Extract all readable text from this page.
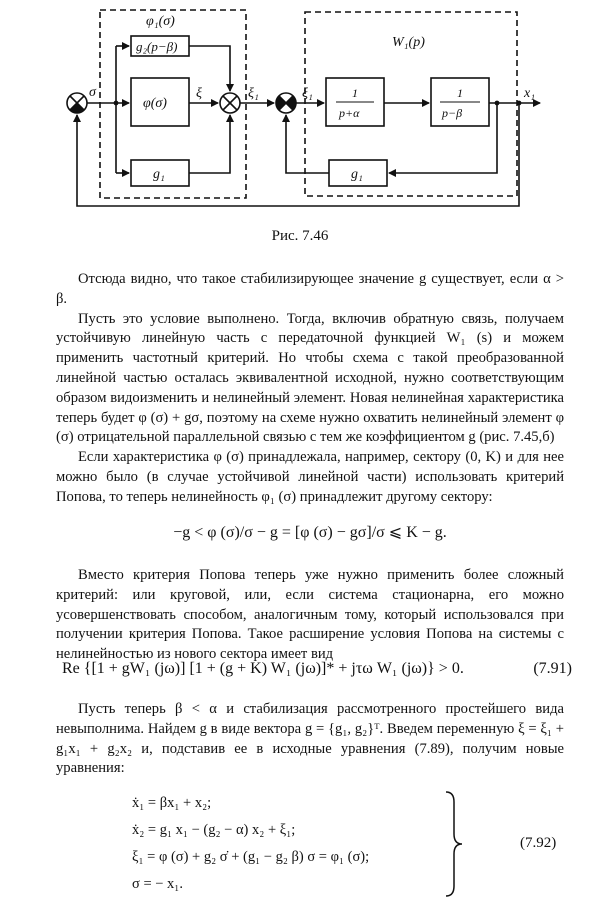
φ₁(σ)
W₁(p)
g₂(p−β)
φ(σ)
g₁
σ	ξ	ξ₁	ξ₁	1
p+α
1
p−β
g₁
x₁
Рис. 7.46

Отсюда видно, что такое стабилизирующее значение g существует, если α > β.

Пусть это условие выполнено. Тогда, включив обратную связь, получаем устойчивую линейную часть с передаточной функцией W₁ (s) и можем применить частотный критерий. Но чтобы схема с такой преобразованной линейной частью осталась эквивалентной исходной, нужно соответствующим образом видоизменить и нелинейный элемент. Новая нелинейная характеристика теперь будет φ (σ) + gσ, поэтому на схеме нужно охватить нелинейный элемент φ (σ) отрицательной параллельной связью с тем же коэффициентом g (рис. 7.45,б)

Если характеристика φ (σ) принадлежала, например, сектору (0, K) и для нее можно было (в случае устойчивой линейной части) использовать критерий Попова, то теперь нелинейность φ₁ (σ) принадлежит другому сектору:

−g < φ (σ)/σ − g = [φ (σ) − gσ]/σ ⩽ K − g.

Вместо критерия Попова теперь уже нужно применить более сложный критерий: или круговой, или, если система стационарна, его можно усовершенствовать способом, аналогичным тому, который использовался при получении критерия Попова. Такое расширение условия Попова на системы с нелинейностью из нового сектора имеет вид

Re {[1 + gW₁ (jω)] [1 + (g + K) W₁ (jω)]* + jτω W₁ (jω)} > 0.	(7.91)

Пусть теперь β < α и стабилизация рассмотренного простейшего вида невыполнима. Найдем g в виде вектора g = {g₁, g₂}ᵀ. Введем переменную ξ = ξ₁ + g₁x₁ + g₂x₂ и, подставив ее в исходные уравнения (7.89), получим новые уравнения:

ẋ₁ = βx₁ + x₂;
ẋ₂ = g₁ x₁ − (g₂ − α) x₂ + ξ₁;
ξ₁ = φ (σ) + g₂ σ̇ + (g₁ − g₂ β) σ = φ₁ (σ);
σ = − x₁.
(7.92)
